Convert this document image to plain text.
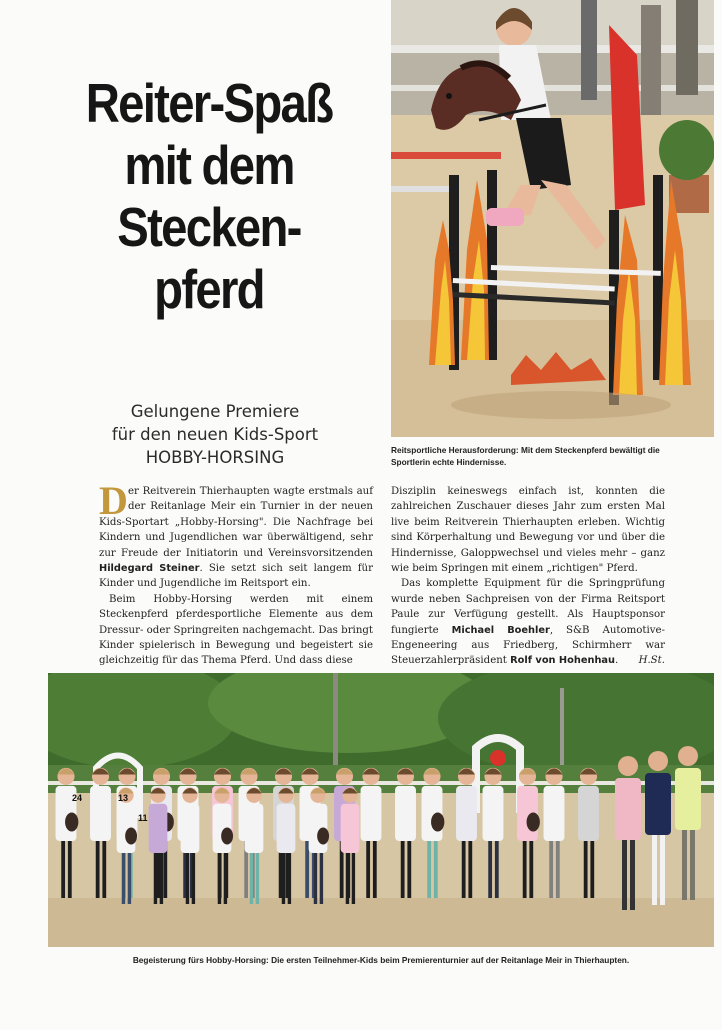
Reiter-Spaß
mit dem
Stecken-
pferd
Gelungene Premiere
für den neuen Kids-Sport
HOBBY-HORSING	Reitsportliche Herausforderung: Mit dem Steckenpferd bewältigt die
Sportlerin echte Hindernisse.

Der Reitverein Thierhaupten wagte erstmals auf der Reitanlage Meir ein Turnier in der neuen Kids-Sportart „Hobby-Horsing". Die Nachfrage bei Kindern und Jugendlichen war überwältigend, sehr zur Freude der Initiatorin und Vereinsvorsitzenden Hildegard Steiner. Sie setzt sich seit langem für Kinder und Jugendliche im Reitsport ein.

Beim Hobby-Horsing werden mit einem Steckenpferd pferdesportliche Elemente aus dem Dressur- oder Springreiten nachgemacht. Das bringt Kinder spielerisch in Bewegung und begeistert sie gleichzeitig für das Thema Pferd. Und dass diese

Disziplin keineswegs einfach ist, konnten die zahlreichen Zuschauer dieses Jahr zum ersten Mal live beim Reitverein Thierhaupten erleben. Wichtig sind Körperhaltung und Bewegung vor und über die Hindernisse, Galoppwechsel und vieles mehr – ganz wie beim Springen mit einem „richtigen" Pferd.

Das komplette Equipment für die Springprüfung wurde neben Sachpreisen von der Firma Reitsport Paule zur Verfügung gestellt. Als Hauptsponsor fungierte Michael Boehler, S&B Automotive-Engeneering aus Friedberg, Schirmherr war Steuerzahlerpräsident Rolf von Hohenhau.	H.St.

24	13
11
Begeisterung fürs Hobby-Horsing: Die ersten Teilnehmer-Kids beim Premierenturnier auf der Reitanlage Meir in Thierhaupten.
